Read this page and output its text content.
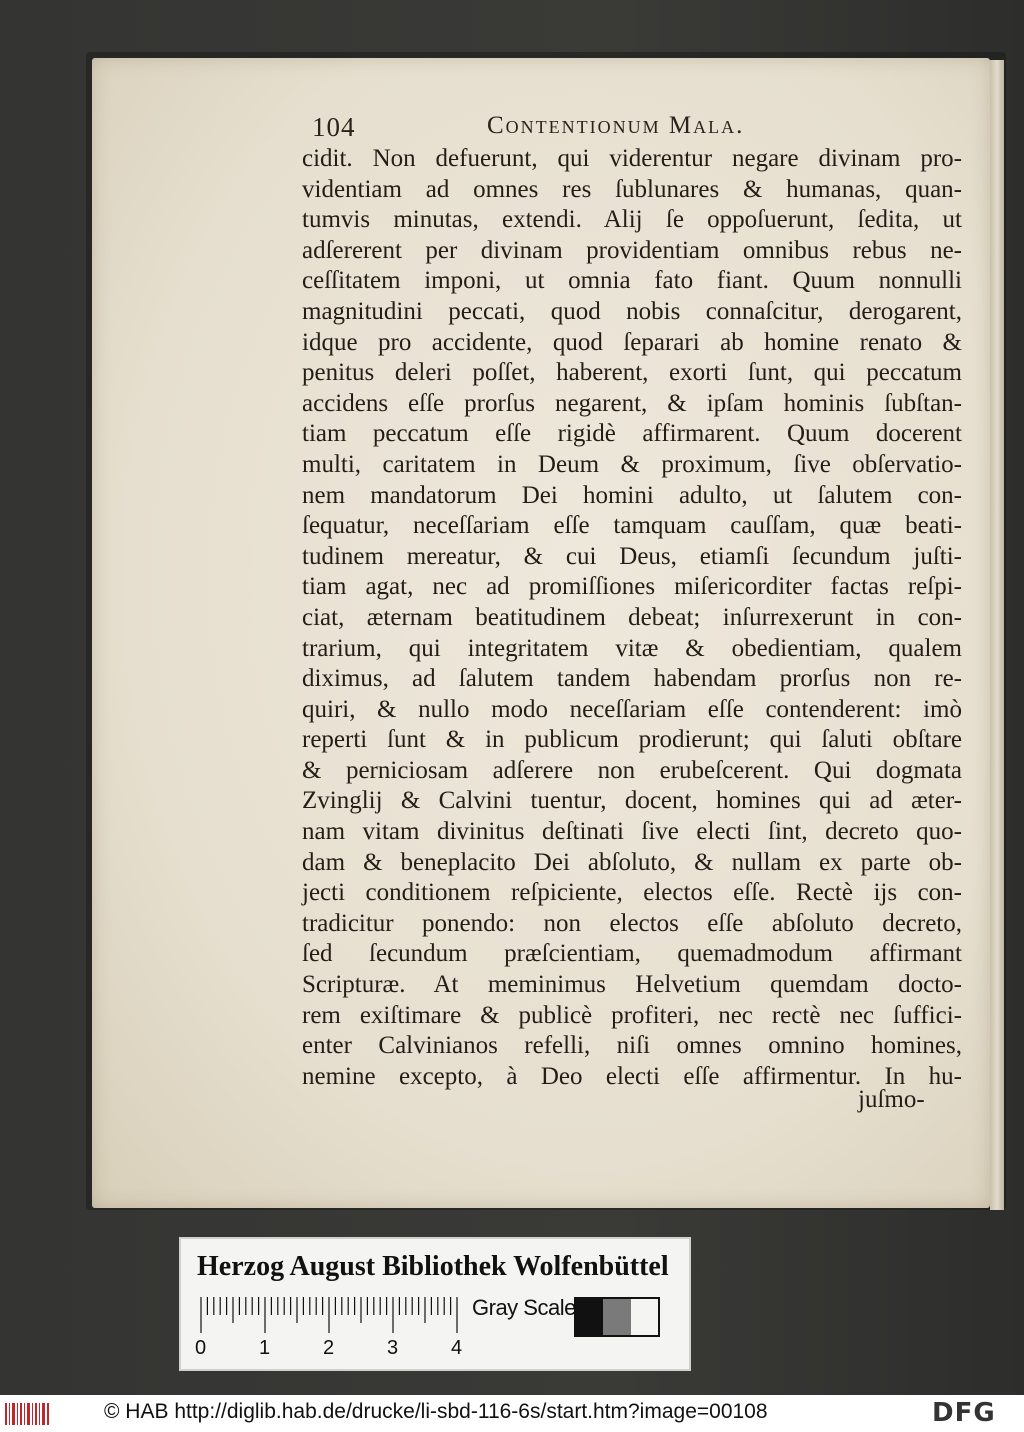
104	Contentionum Mala.
cidit. Non defuerunt, qui viderentur negare divinam pro-
videntiam ad omnes res ſublunares & humanas, quan-
tumvis minutas, extendi. Alij ſe oppoſuerunt, ſedita, ut
adſererent per divinam providentiam omnibus rebus ne-
ceſſitatem imponi, ut omnia fato fiant. Quum nonnulli
magnitudini peccati, quod nobis connaſcitur, derogarent,
idque pro accidente, quod ſeparari ab homine renato &
penitus deleri poſſet, haberent, exorti ſunt, qui peccatum
accidens eſſe prorſus negarent, & ipſam hominis ſubſtan-
tiam peccatum eſſe rigidè affirmarent. Quum docerent
multi, caritatem in Deum & proximum, ſive obſervatio-
nem mandatorum Dei homini adulto, ut ſalutem con-
ſequatur, neceſſariam eſſe tamquam cauſſam, quæ beati-
tudinem mereatur, & cui Deus, etiamſi ſecundum juſti-
tiam agat, nec ad promiſſiones miſericorditer factas reſpi-
ciat, æternam beatitudinem debeat; inſurrexerunt in con-
trarium, qui integritatem vitæ & obedientiam, qualem
diximus, ad ſalutem tandem habendam prorſus non re-
quiri, & nullo modo neceſſariam eſſe contenderent: imò
reperti ſunt & in publicum prodierunt; qui ſaluti obſtare
& perniciosam adſerere non erubeſcerent. Qui dogmata
Zvinglij & Calvini tuentur, docent, homines qui ad æter-
nam vitam divinitus deſtinati ſive electi ſint, decreto quo-
dam & beneplacito Dei abſoluto, & nullam ex parte ob-
jecti conditionem reſpiciente, electos eſſe. Rectè ijs con-
tradicitur ponendo: non electos eſſe abſoluto decreto,
ſed ſecundum præſcientiam, quemadmodum affirmant
Scripturæ. At meminimus Helvetium quemdam docto-
rem exiſtimare & publicè profiteri, nec rectè nec ſuffici-
enter Calvinianos refelli, niſi omnes omnino homines,
nemine excepto, à Deo electi eſſe affirmentur. In hu-
juſmo-
Herzog August Bibliothek Wolfenbüttel
0	1	2	3	4
Gray Scale
© HAB http://diglib.hab.de/drucke/li-sbd-116-6s/start.htm?image=00108	DFG
